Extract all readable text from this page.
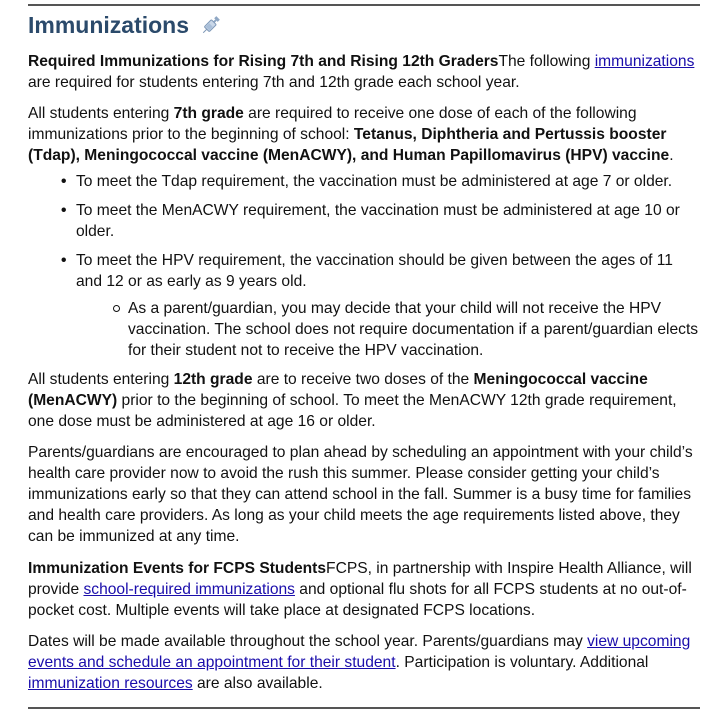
Immunizations

Required Immunizations for Rising 7th and Rising 12th GradersThe following immunizations are required for students entering 7th and 12th grade each school year.

All students entering 7th grade are required to receive one dose of each of the following immunizations prior to the beginning of school: Tetanus, Diphtheria and Pertussis booster (Tdap), Meningococcal vaccine (MenACWY), and Human Papillomavirus (HPV) vaccine.

• To meet the Tdap requirement, the vaccination must be administered at age 7 or older.
• To meet the MenACWY requirement, the vaccination must be administered at age 10 or older.
• To meet the HPV requirement, the vaccination should be given between the ages of 11 and 12 or as early as 9 years old.
As a parent/guardian, you may decide that your child will not receive the HPV vaccination. The school does not require documentation if a parent/guardian elects for their student not to receive the HPV vaccination.

All students entering 12th grade are to receive two doses of the Meningococcal vaccine (MenACWY) prior to the beginning of school. To meet the MenACWY 12th grade requirement, one dose must be administered at age 16 or older.

Parents/guardians are encouraged to plan ahead by scheduling an appointment with your child’s health care provider now to avoid the rush this summer. Please consider getting your child’s immunizations early so that they can attend school in the fall. Summer is a busy time for families and health care providers. As long as your child meets the age requirements listed above, they can be immunized at any time.

Immunization Events for FCPS StudentsFCPS, in partnership with Inspire Health Alliance, will provide school-required immunizations and optional flu shots for all FCPS students at no out-of-pocket cost. Multiple events will take place at designated FCPS locations.

Dates will be made available throughout the school year. Parents/guardians may view upcoming events and schedule an appointment for their student. Participation is voluntary. Additional immunization resources are also available.
